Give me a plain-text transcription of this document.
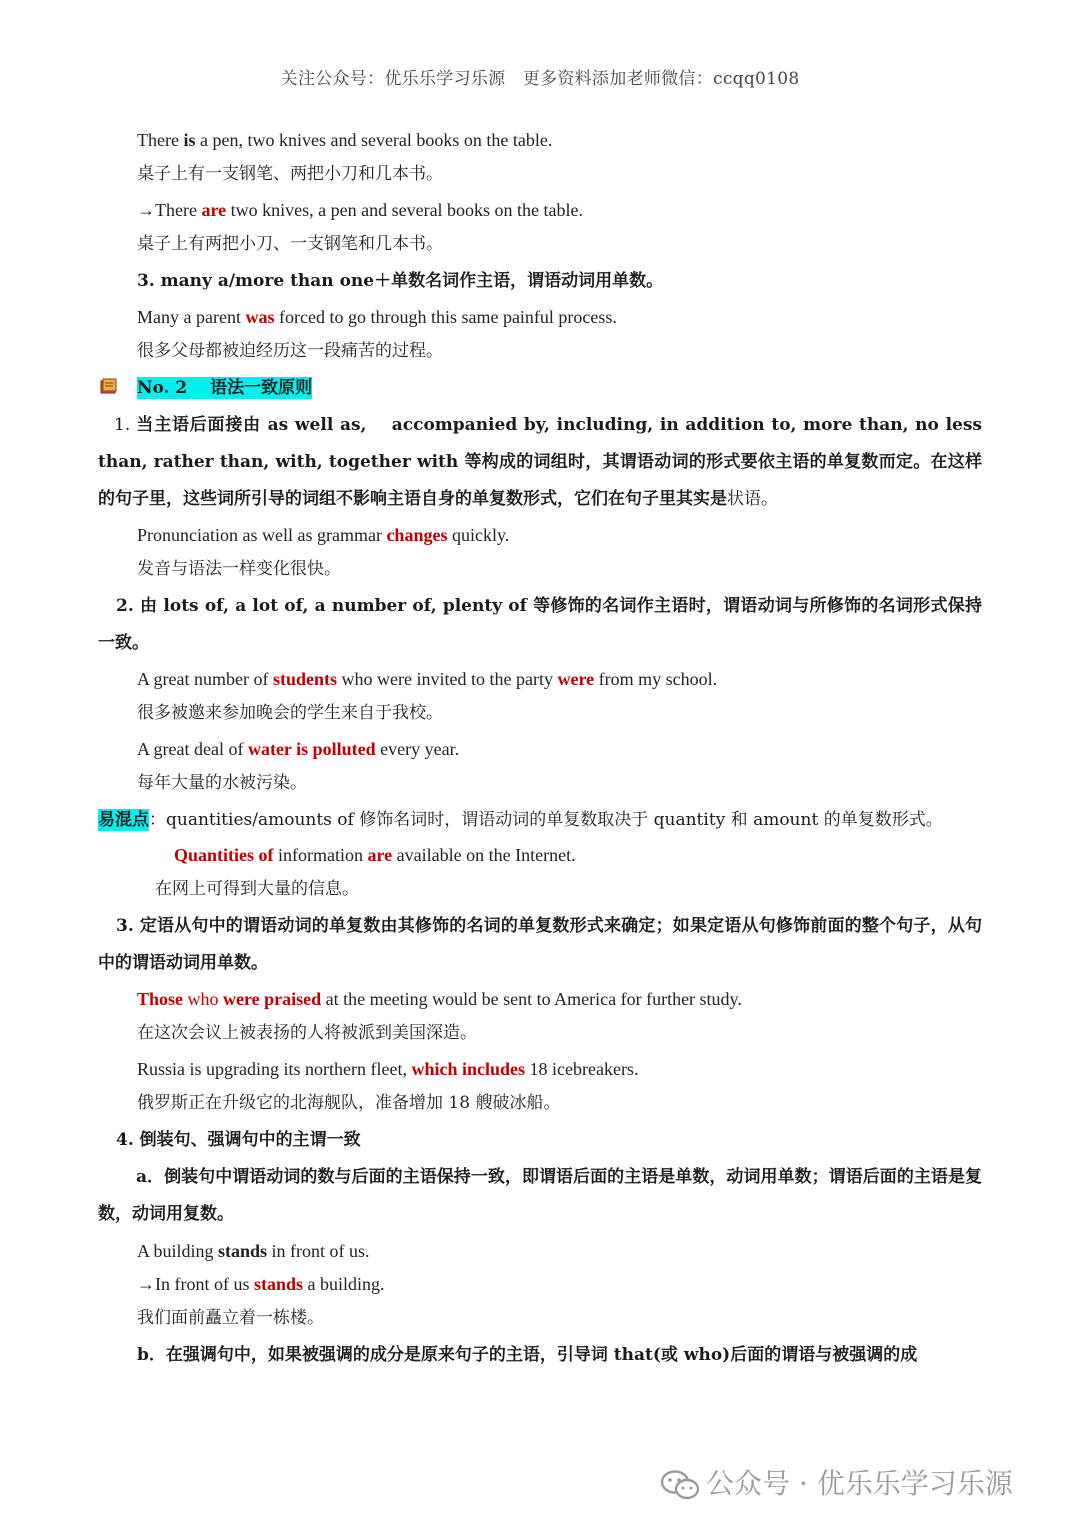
关注公众号：优乐乐学习乐源　更多资料添加老师微信：ccqq0108
There is a pen, two knives and several books on the table.
桌子上有一支钢笔、两把小刀和几本书。
→There are two knives, a pen and several books on the table.
桌子上有两把小刀、一支钢笔和几本书。
3. many a/more than one＋单数名词作主语，谓语动词用单数。
Many a parent was forced to go through this same painful process.
很多父母都被迫经历这一段痛苦的过程。
No. 2　 语法一致原则
1. 当主语后面接由 as well as,　 accompanied by, including, in addition to, more than, no less than, rather than, with, together with 等构成的词组时，其谓语动词的形式要依主语的单复数而定。在这样的句子里，这些词所引导的词组不影响主语自身的单复数形式，它们在句子里其实是状语。
Pronunciation as well as grammar changes quickly.
发音与语法一样变化很快。
2. 由 lots of, a lot of, a number of, plenty of 等修饰的名词作主语时，谓语动词与所修饰的名词形式保持一致。
A great number of students who were invited to the party were from my school.
很多被邀来参加晚会的学生来自于我校。
A great deal of water is polluted every year.
每年大量的水被污染。
易混点：quantities/amounts of 修饰名词时，谓语动词的单复数取决于 quantity 和 amount 的单复数形式。
Quantities of information are available on the Internet.
在网上可得到大量的信息。
3. 定语从句中的谓语动词的单复数由其修饰的名词的单复数形式来确定；如果定语从句修饰前面的整个句子，从句中的谓语动词用单数。
Those who were praised at the meeting would be sent to America for further study.
在这次会议上被表扬的人将被派到美国深造。
Russia is upgrading its northern fleet, which includes 18 icebreakers.
俄罗斯正在升级它的北海舰队，准备增加 18 艘破冰船。
4. 倒装句、强调句中的主谓一致
a．倒装句中谓语动词的数与后面的主语保持一致，即谓语后面的主语是单数，动词用单数；谓语后面的主语是复数，动词用复数。
A building stands in front of us.
→In front of us stands a building.
我们面前矗立着一栋楼。
b．在强调句中，如果被强调的成分是原来句子的主语，引导词 that(或 who)后面的谓语与被强调的成
公众号 · 优乐乐学习乐源
